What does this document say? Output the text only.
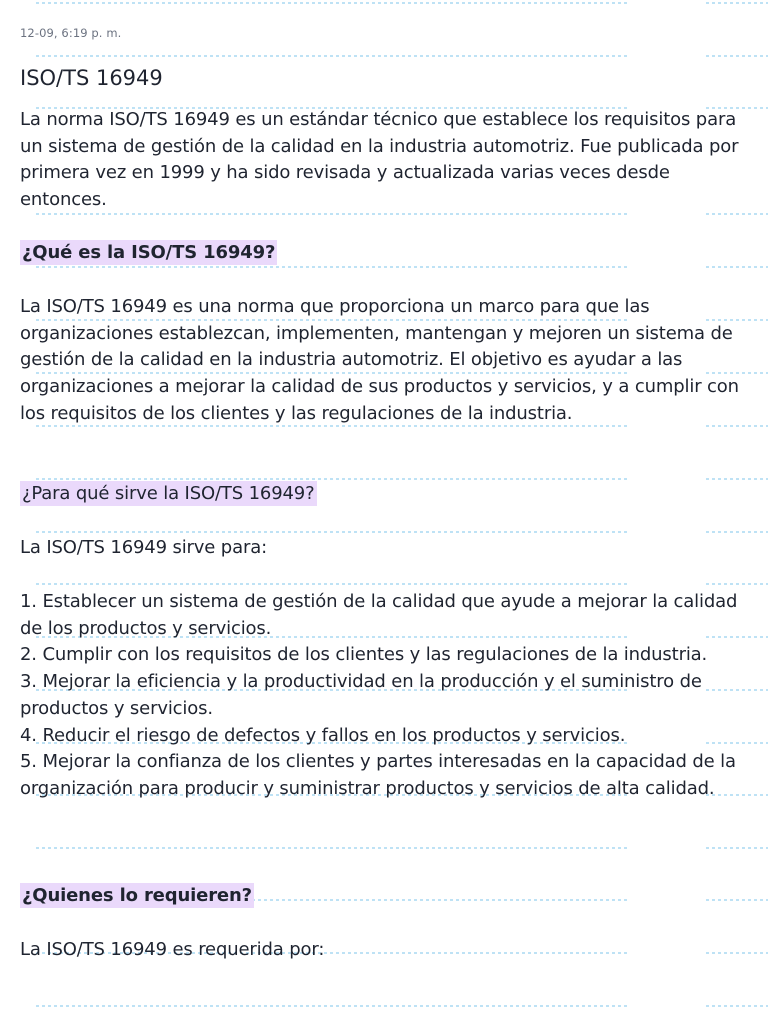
12-09, 6:19 p. m.
ISO/TS 16949

La norma ISO/TS 16949 es un estándar técnico que establece los requisitos para un sistema de gestión de la calidad en la industria automotriz. Fue publicada por primera vez en 1999 y ha sido revisada y actualizada varias veces desde entonces.

¿Qué es la ISO/TS 16949?

La ISO/TS 16949 es una norma que proporciona un marco para que las organizaciones establezcan, implementen, mantengan y mejoren un sistema de gestión de la calidad en la industria automotriz. El objetivo es ayudar a las organizaciones a mejorar la calidad de sus productos y servicios, y a cumplir con los requisitos de los clientes y las regulaciones de la industria.

¿Para qué sirve la ISO/TS 16949?

La ISO/TS 16949 sirve para:

1. Establecer un sistema de gestión de la calidad que ayude a mejorar la calidad de los productos y servicios.
2. Cumplir con los requisitos de los clientes y las regulaciones de la industria.
3. Mejorar la eficiencia y la productividad en la producción y el suministro de productos y servicios.
4. Reducir el riesgo de defectos y fallos en los productos y servicios.
5. Mejorar la confianza de los clientes y partes interesadas en la capacidad de la organización para producir y suministrar productos y servicios de alta calidad.
¿Quienes lo requieren?

La ISO/TS 16949 es requerida por:
